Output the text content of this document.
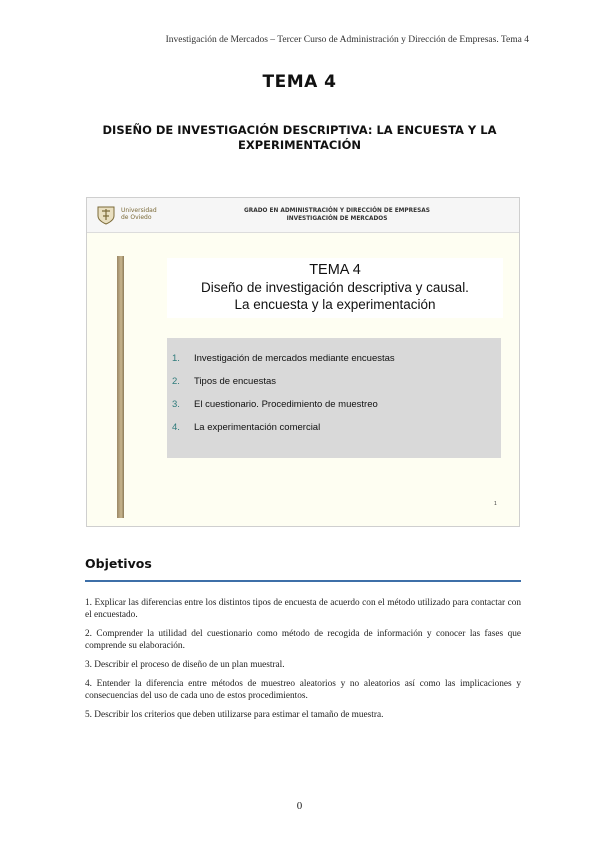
Investigación de Mercados – Tercer Curso de Administración y Dirección de Empresas. Tema 4
TEMA 4
DISEÑO DE INVESTIGACIÓN DESCRIPTIVA: LA ENCUESTA Y LA
EXPERIMENTACIÓN
Universidad
de Oviedo
GRADO EN ADMINISTRACIÓN Y DIRECCIÓN DE EMPRESAS
INVESTIGACIÓN DE MERCADOS
TEMA 4
Diseño de investigación descriptiva y causal.
La encuesta y la experimentación
1. Investigación de mercados mediante encuestas
2. Tipos de encuestas
3. El cuestionario. Procedimiento de muestreo
4. La experimentación comercial
1
Objetivos
1. Explicar las diferencias entre los distintos tipos de encuesta de acuerdo con el método utilizado para contactar con el encuestado.
2. Comprender la utilidad del cuestionario como método de recogida de información y conocer las fases que comprende su elaboración.
3. Describir el proceso de diseño de un plan muestral.
4. Entender la diferencia entre métodos de muestreo aleatorios y no aleatorios así como las implicaciones y consecuencias del uso de cada uno de estos procedimientos.
5. Describir los criterios que deben utilizarse para estimar el tamaño de muestra.
0
